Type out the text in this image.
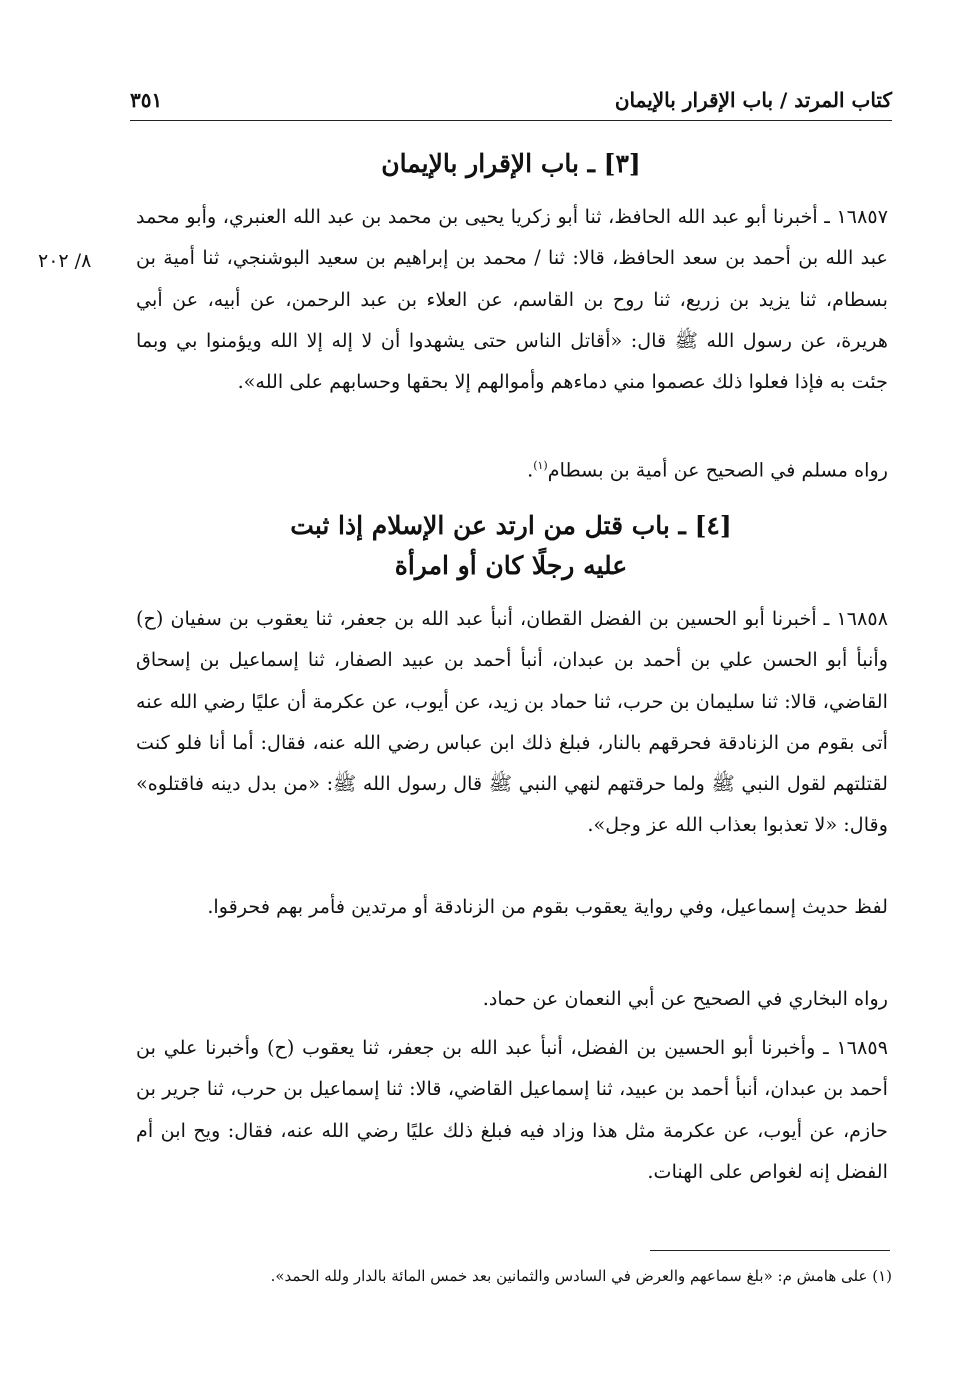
كتاب المرتد / باب الإقرار بالإيمان
٣٥١
[٣] ـ باب الإقرار بالإيمان
١٦٨٥٧ ـ أخبرنا أبو عبد الله الحافظ، ثنا أبو زكريا يحيى بن محمد بن عبد الله العنبري، وأبو محمد عبد الله بن أحمد بن سعد الحافظ، قالا: ثنا / محمد بن إبراهيم بن سعيد البوشنجي، ثنا أمية بن بسطام، ثنا يزيد بن زريع، ثنا روح بن القاسم، عن العلاء بن عبد الرحمن، عن أبيه، عن أبي هريرة، عن رسول الله ﷺ قال: «أقاتل الناس حتى يشهدوا أن لا إله إلا الله ويؤمنوا بي وبما جئت به فإذا فعلوا ذلك عصموا مني دماءهم وأموالهم إلا بحقها وحسابهم على الله».
٨/ ٢٠٢
رواه مسلم في الصحيح عن أمية بن بسطام$^{(١)}$.
[٤] ـ باب قتل من ارتد عن الإسلام إذا ثبت
عليه رجلًا كان أو امرأة
١٦٨٥٨ ـ أخبرنا أبو الحسين بن الفضل القطان، أنبأ عبد الله بن جعفر، ثنا يعقوب بن سفيان (ح) وأنبأ أبو الحسن علي بن أحمد بن عبدان، أنبأ أحمد بن عبيد الصفار، ثنا إسماعيل بن إسحاق القاضي، قالا: ثنا سليمان بن حرب، ثنا حماد بن زيد، عن أيوب، عن عكرمة أن عليًا رضي الله عنه أتى بقوم من الزنادقة فحرقهم بالنار، فبلغ ذلك ابن عباس رضي الله عنه، فقال: أما أنا فلو كنت لقتلتهم لقول النبي ﷺ ولما حرقتهم لنهي النبي ﷺ قال رسول الله ﷺ: «من بدل دينه فاقتلوه» وقال: «لا تعذبوا بعذاب الله عز وجل».
لفظ حديث إسماعيل، وفي رواية يعقوب بقوم من الزنادقة أو مرتدين فأمر بهم فحرقوا.
رواه البخاري في الصحيح عن أبي النعمان عن حماد.
١٦٨٥٩ ـ وأخبرنا أبو الحسين بن الفضل، أنبأ عبد الله بن جعفر، ثنا يعقوب (ح) وأخبرنا علي بن أحمد بن عبدان، أنبأ أحمد بن عبيد، ثنا إسماعيل القاضي، قالا: ثنا إسماعيل بن حرب، ثنا جرير بن حازم، عن أيوب، عن عكرمة مثل هذا وزاد فيه فبلغ ذلك عليًا رضي الله عنه، فقال: ويح ابن أم الفضل إنه لغواص على الهنات.
(١) على هامش م: «بلغ سماعهم والعرض في السادس والثمانين بعد خمس المائة بالدار ولله الحمد».
